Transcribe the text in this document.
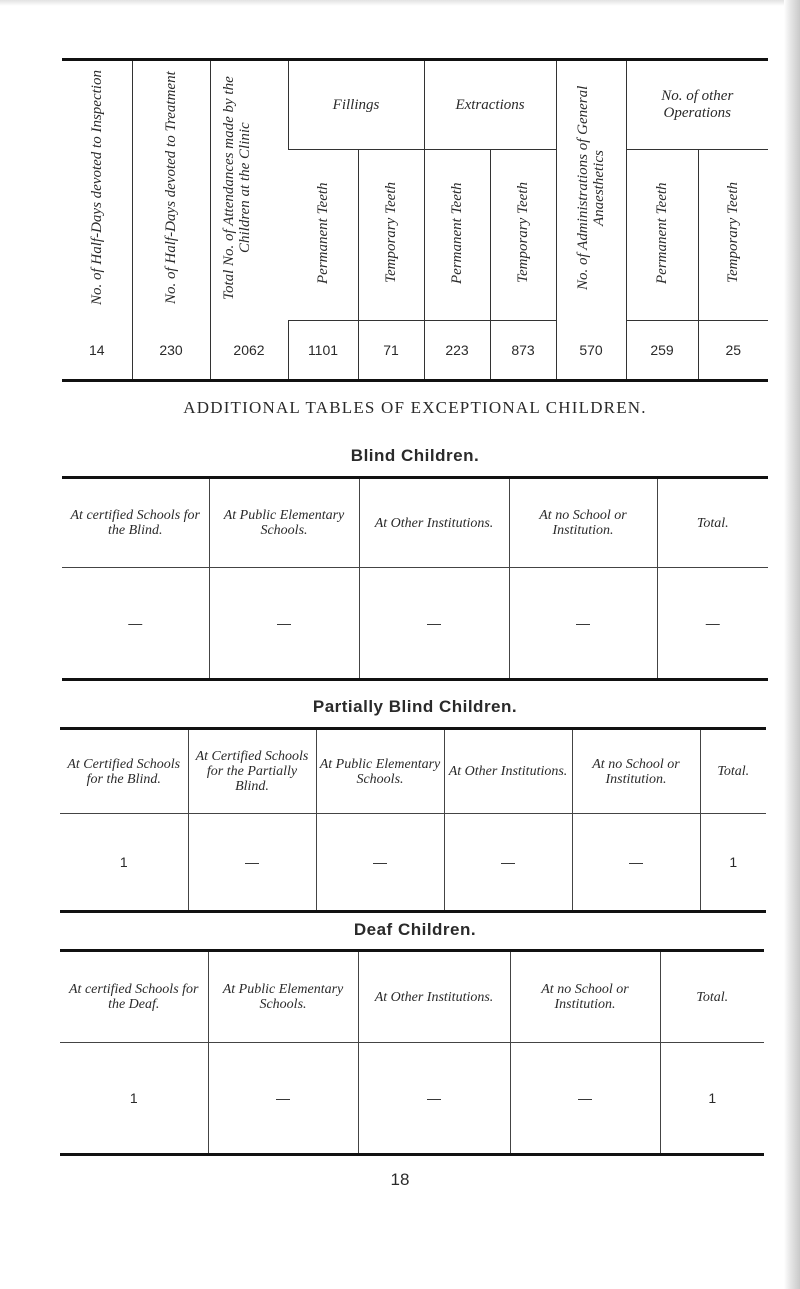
No. of Half-Days devoted to Inspection	No. of Half-Days devoted to Treatment	Total No. of Attendances made by the Children at the Clinic	Fillings		Extractions		No. of Administrations of General Anaesthetics	No. of other Operations	
			Permanent Teeth	Temporary Teeth	Permanent Teeth	Temporary Teeth		Permanent Teeth	Temporary Teeth
14	230	2062	1101	71	223	873	570	259	25
ADDITIONAL TABLES OF EXCEPTIONAL CHILDREN.
Blind Children.
At certified Schools for the Blind.	At Public Elementary Schools.	At Other Institutions.	At no School or Institution.	Total.
—	—	—	—	—
Partially Blind Children.
At Certified Schools for the Blind.	At Certified Schools for the Partially Blind.	At Public Elementary Schools.	At Other Institutions.	At no School or Institution.	Total.
1	—	—	—	—	1
Deaf Children.
At certified Schools for the Deaf.	At Public Elementary Schools.	At Other Institutions.	At no School or Institution.	Total.
1	—	—	—	1
18
